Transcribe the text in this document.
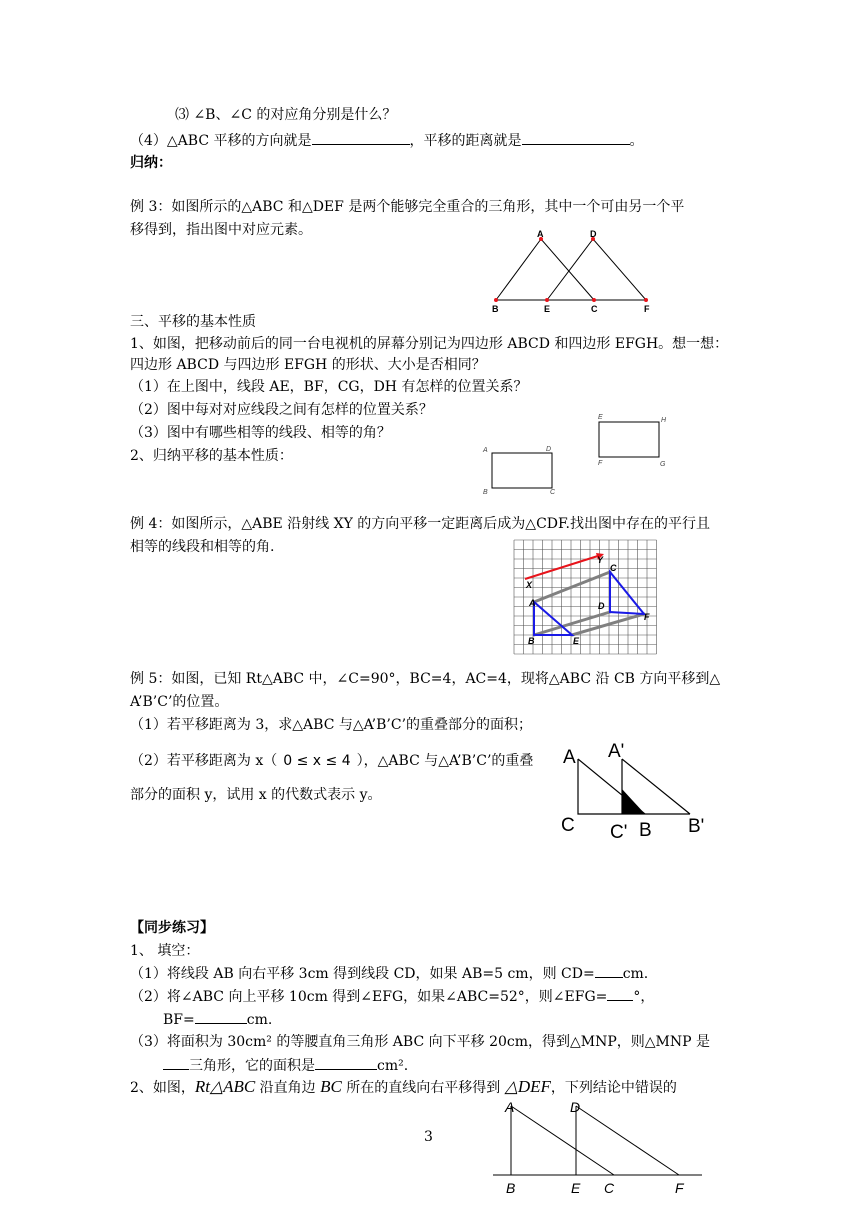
⑶ ∠B、∠C 的对应角分别是什么？
（4）△ABC 平移的方向就是	，平移的距离就是	。
归纳：
例 3：如图所示的△ABC 和△DEF 是两个能够完全重合的三角形，其中一个可由另一个平
移得到，指出图中对应元素。
三、平移的基本性质
1、如图，把移动前后的同一台电视机的屏幕分别记为四边形 ABCD 和四边形 EFGH。想一想：
四边形 ABCD 与四边形 EFGH 的形状、大小是否相同？
（1）在上图中，线段 AE，BF，CG，DH 有怎样的位置关系？
（2）图中每对对应线段之间有怎样的位置关系？
（3）图中有哪些相等的线段、相等的角？
2、归纳平移的基本性质：
例 4：如图所示，△ABE 沿射线 XY 的方向平移一定距离后成为△CDF.找出图中存在的平行且
相等的线段和相等的角.
例 5：如图，已知 Rt△ABC 中，∠C=90°，BC=4，AC=4，现将△ABC 沿 CB 方向平移到△
A’B’C’的位置。
（1）若平移距离为 3，求△ABC 与△A’B’C’的重叠部分的面积；
（2）若平移距离为 x（ 0 ≤ x ≤ 4 ），△ABC 与△A’B’C’的重叠
部分的面积 y，试用 x 的代数式表示 y。
【同步练习】
1、 填空：
（1）将线段 AB 向右平移 3cm 得到线段 CD，如果 AB=5 cm，则 CD= cm.
（2）将∠ABC 向上平移 10cm 得到∠EFG，如果∠ABC=52°，则∠EFG= °，
BF=	cm.
（3）将面积为 30cm² 的等腰直角三角形 ABC 向下平移 20cm，得到△MNP，则△MNP 是
三角形，它的面积是	cm².
2、如图，Rt△ABC 沿直角边 BC 所在的直线向右平移得到 △DEF，下列结论中错误的
3
A	D
B	E	C	F
A	D
B	C
E	H
F	G
Y
X
C
A	D
F
B	E
A A'
C C' B B'
A	D
B	E C	F
